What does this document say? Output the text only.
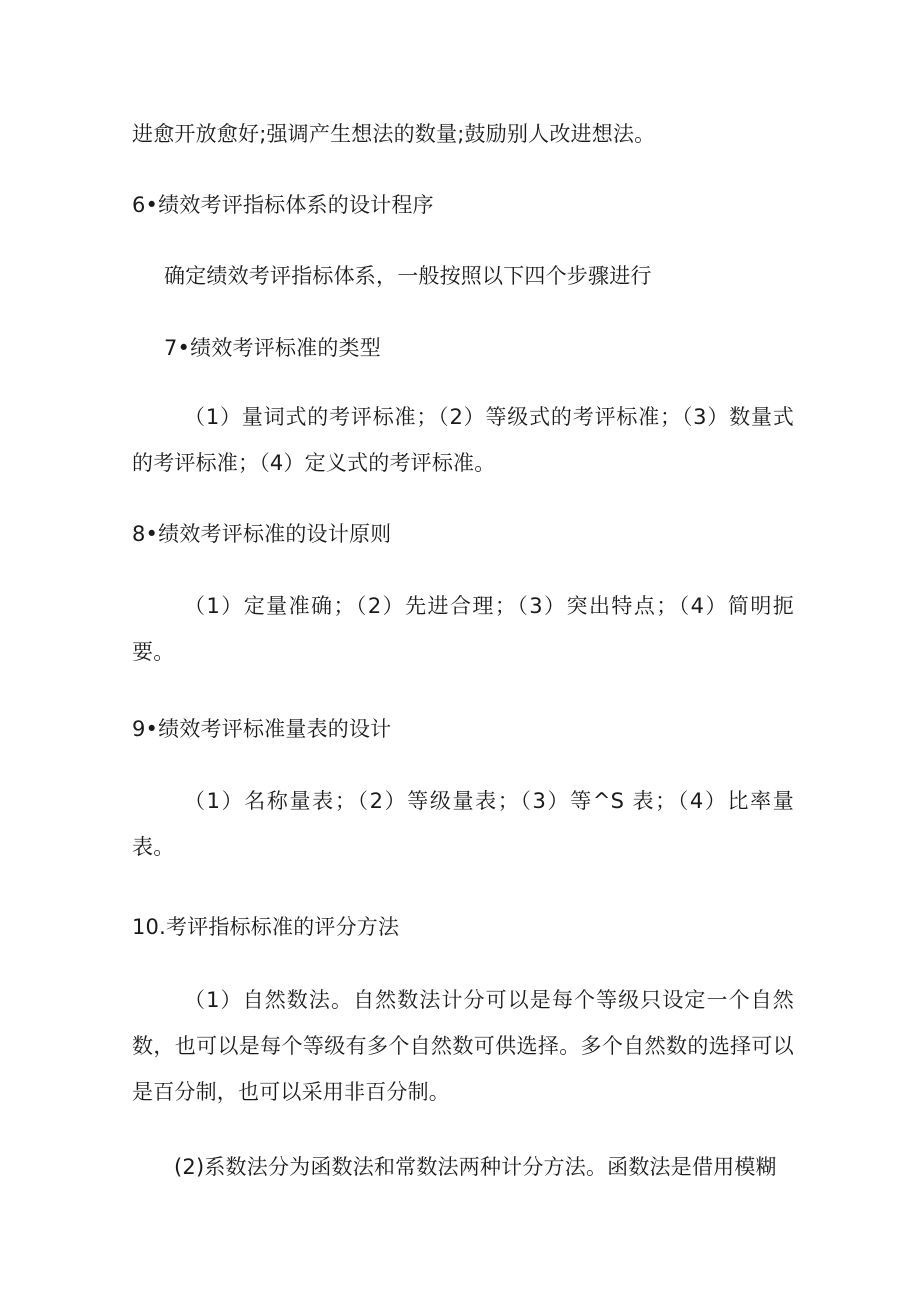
进愈开放愈好;强调产生想法的数量;鼓励别人改进想法。
6•绩效考评指标体系的设计程序
确定绩效考评指标体系，一般按照以下四个步骤进行
7•绩效考评标准的类型
（1）量词式的考评标准；（2）等级式的考评标准；（3）数量式的考评标准；（4）定义式的考评标准。
8•绩效考评标准的设计原则
（1）定量准确；（2）先进合理；（3）突出特点；（4）简明扼要。
9•绩效考评标准量表的设计
（1）名称量表；（2）等级量表；（3）等^S 表；（4）比率量表。
10.考评指标标准的评分方法
（1）自然数法。自然数法计分可以是每个等级只设定一个自然数，也可以是每个等级有多个自然数可供选择。多个自然数的选择可以是百分制，也可以采用非百分制。
(2)系数法分为函数法和常数法两种计分方法。函数法是借用模糊
